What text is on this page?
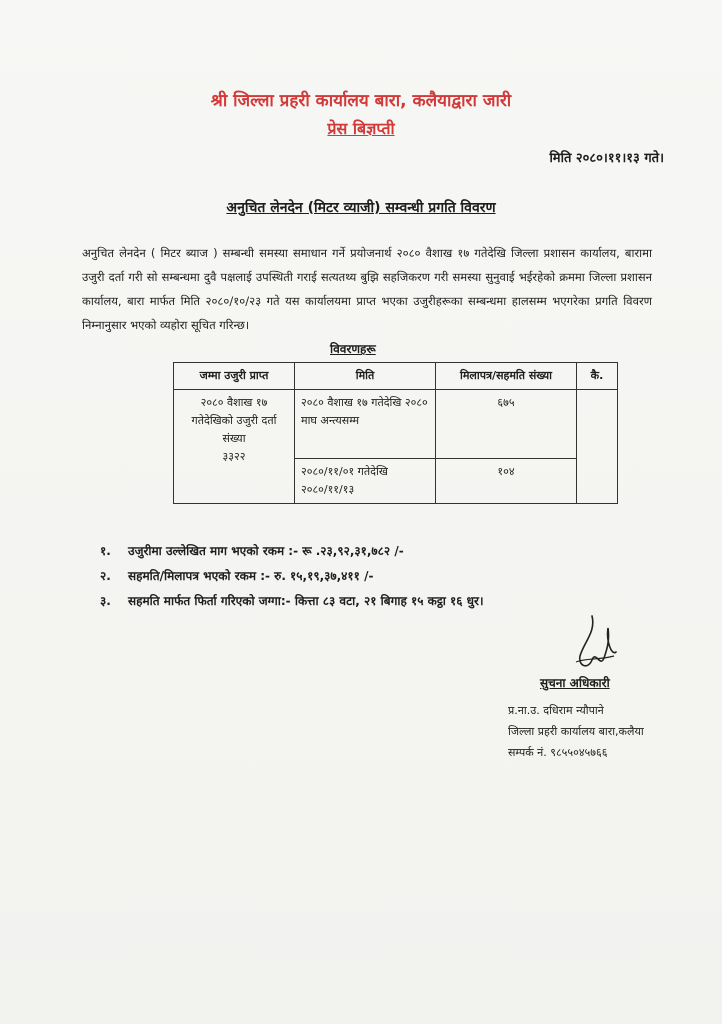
श्री जिल्ला प्रहरी कार्यालय बारा, कलैयाद्वारा जारी
प्रेस बिज्ञप्ती
मिति २०८०।११।१३ गते।
अनुचित लेनदेन (मिटर व्याजी) सम्वन्धी प्रगति विवरण
अनुचित लेनदेन ( मिटर ब्याज ) सम्बन्धी समस्या समाधान गर्ने प्रयोजनार्थ २०८० वैशाख १७ गतेदेखि जिल्ला प्रशासन कार्यालय, बारामा उजुरी दर्ता गरी सो सम्बन्धमा दुवै पक्षलाई उपस्थिती गराई सत्यतथ्य बुझि सहजिकरण गरी समस्या सुनुवाई भईरहेको क्रममा जिल्ला प्रशासन कार्यालय, बारा मार्फत मिति २०८०/१०/२३ गते यस कार्यालयमा प्राप्त भएका उजुरीहरूका सम्बन्धमा हालसम्म भएगरेका प्रगति विवरण निम्नानुसार भएको व्यहोरा सूचित गरिन्छ।
विवरणहरू
जम्मा उजुरी प्राप्त	मिति	मिलापत्र/सहमति संख्या	कै.

२०८० वैशाख १७ गतेदेखिको उजुरी दर्ता संख्या
३३२२	२०८० वैशाख १७ गतेदेखि २०८० माघ अन्त्यसम्म	६७५	
	२०८०/११/०१ गतेदेखि २०८०/११/१३	१०४	
१. उजुरीमा उल्लेखित माग भएको रकम :- रू .२३,९२,३१,७८२ /-
२. सहमति/मिलापत्र भएको रकम :- रु. १५,१९,३७,४११ /-
३. सहमति मार्फत फिर्ता गरिएको जग्गा:- कित्ता ८३ वटा, २१ बिगाह १५ कट्ठा १६ धुर।
सुचना अधिकारी
प्र.ना.उ. दधिराम न्यौपाने
जिल्ला प्रहरी कार्यालय बारा,कलैया
सम्पर्क नं. ९८५५०४५७६६
